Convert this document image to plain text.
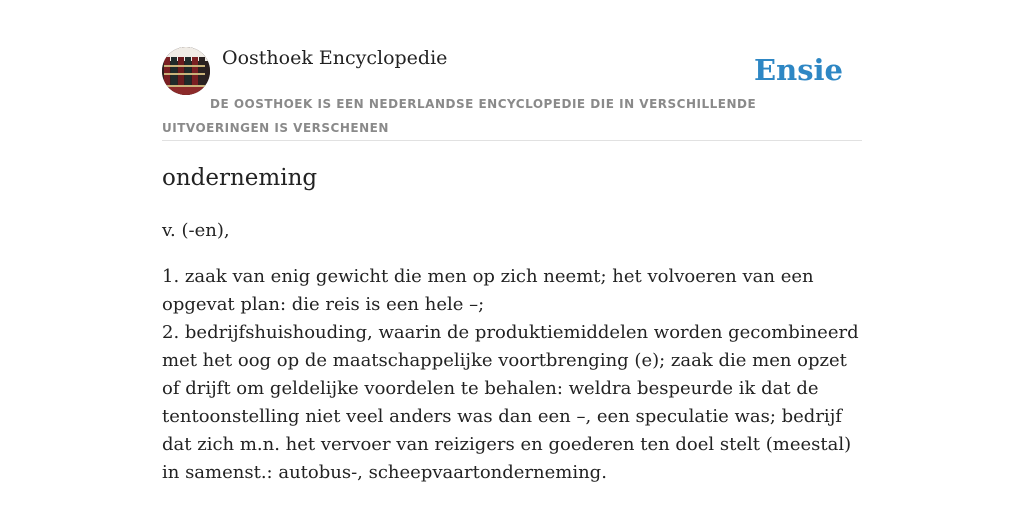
Oosthoek Encyclopedie	Ensie
DE OOSTHOEK IS EEN NEDERLANDSE ENCYCLOPEDIE DIE IN VERSCHILLENDE UITVOERINGEN IS VERSCHENEN
onderneming
v. (-en),
1. zaak van enig gewicht die men op zich neemt; het volvoeren van een opgevat plan: die reis is een hele –;
2. bedrijfshuishouding, waarin de produktiemiddelen worden gecombineerd met het oog op de maatschappelijke voortbrenging (e); zaak die men opzet of drijft om geldelijke voordelen te behalen: weldra bespeurde ik dat de tentoonstelling niet veel anders was dan een –, een speculatie was; bedrijf dat zich m.n. het vervoer van reizigers en goederen ten doel stelt (meestal) in samenst.: autobus-, scheepvaartonderneming.
